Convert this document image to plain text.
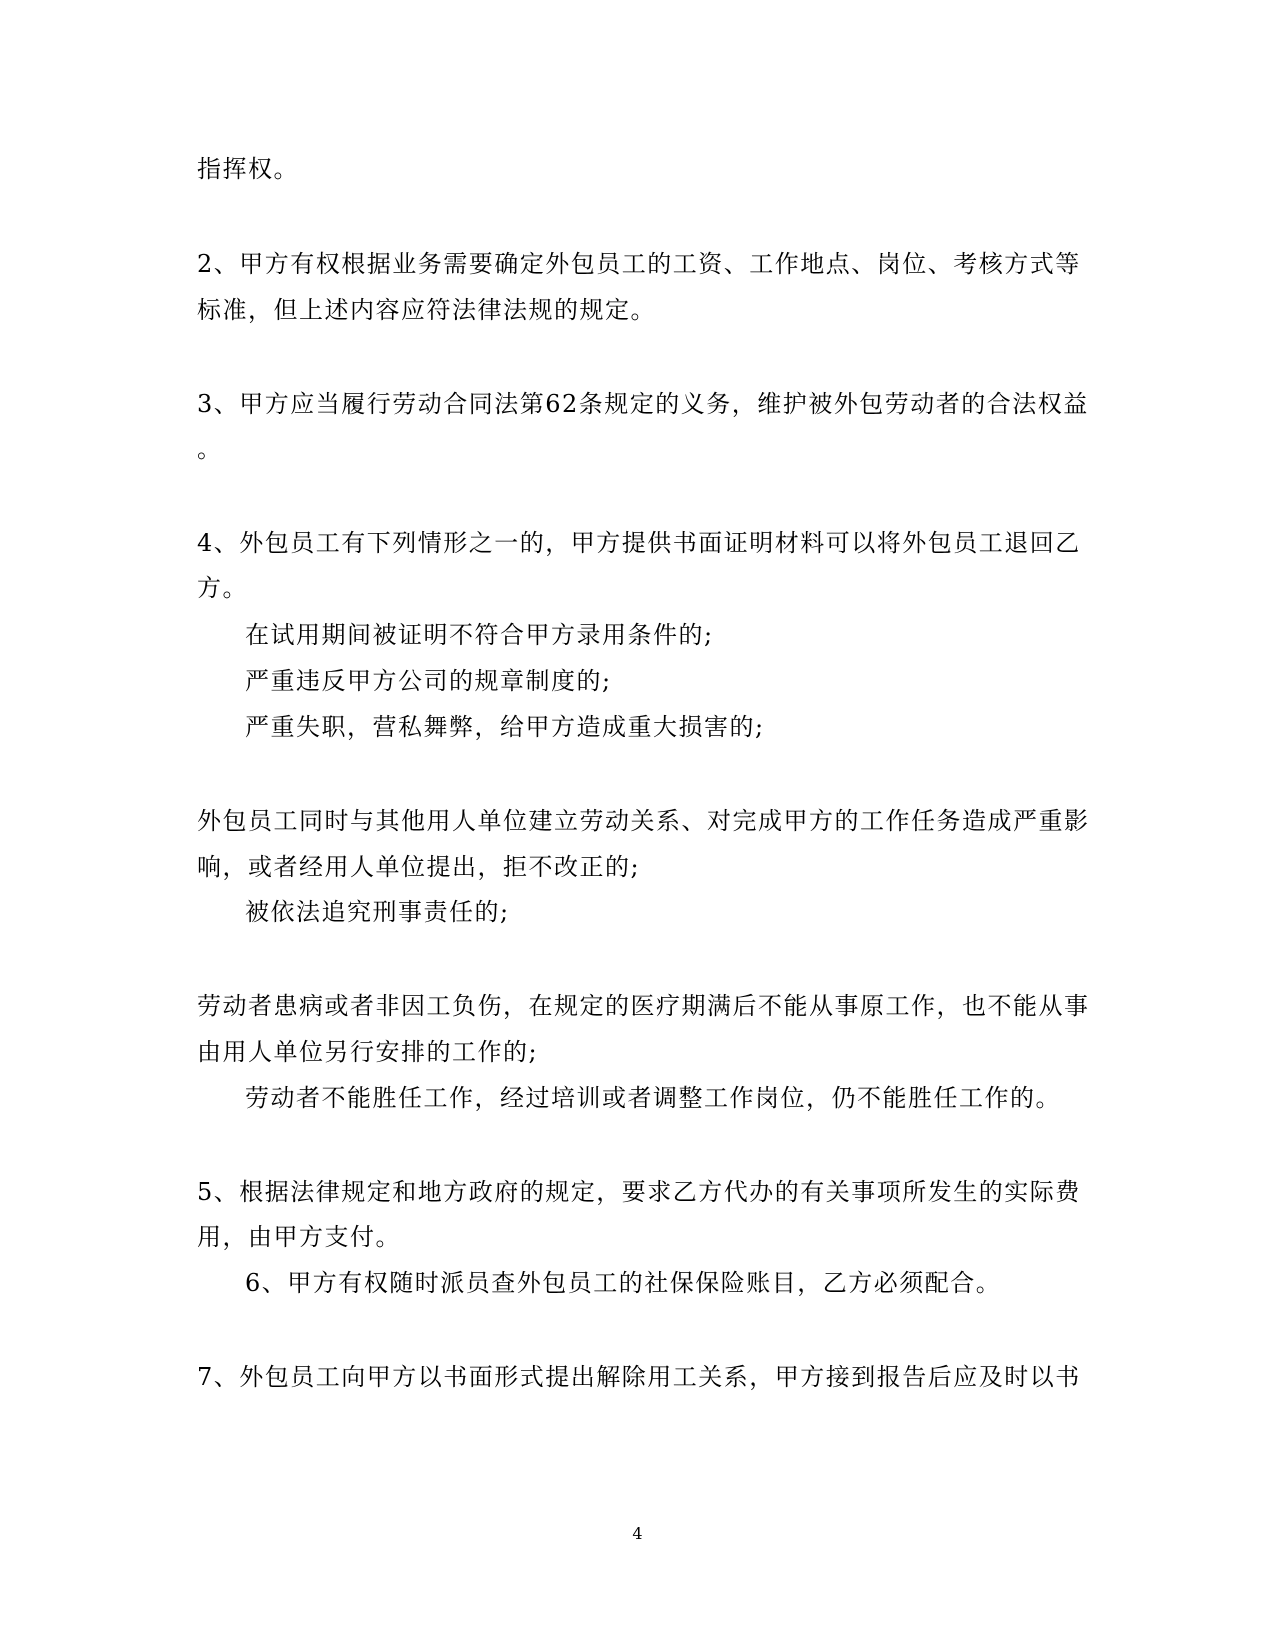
指挥权。
2、甲方有权根据业务需要确定外包员工的工资、工作地点、岗位、考核方式等
标准，但上述内容应符法律法规的规定。
3、甲方应当履行劳动合同法第62条规定的义务，维护被外包劳动者的合法权益
。
4、外包员工有下列情形之一的，甲方提供书面证明材料可以将外包员工退回乙
方。
在试用期间被证明不符合甲方录用条件的;
严重违反甲方公司的规章制度的;
严重失职，营私舞弊，给甲方造成重大损害的;
外包员工同时与其他用人单位建立劳动关系、对完成甲方的工作任务造成严重影
响，或者经用人单位提出，拒不改正的;
被依法追究刑事责任的;
劳动者患病或者非因工负伤，在规定的医疗期满后不能从事原工作，也不能从事
由用人单位另行安排的工作的;
劳动者不能胜任工作，经过培训或者调整工作岗位，仍不能胜任工作的。
5、根据法律规定和地方政府的规定，要求乙方代办的有关事项所发生的实际费
用，由甲方支付。
6、甲方有权随时派员查外包员工的社保保险账目，乙方必须配合。
7、外包员工向甲方以书面形式提出解除用工关系，甲方接到报告后应及时以书
4
